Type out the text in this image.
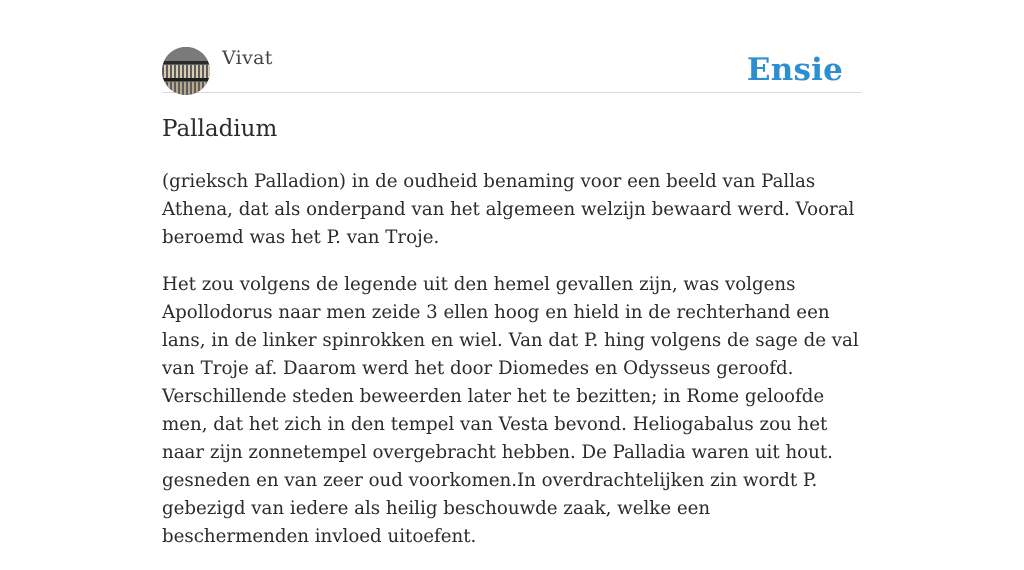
Vivat	Ensie
Palladium

(grieksch Palladion) in de oudheid benaming voor een beeld van Pallas Athena, dat als onderpand van het algemeen welzijn bewaard werd. Vooral beroemd was het P. van Troje.

Het zou volgens de legende uit den hemel gevallen zijn, was volgens Apollodorus naar men zeide 3 ellen hoog en hield in de rechterhand een lans, in de linker spinrokken en wiel. Van dat P. hing volgens de sage de val van Troje af. Daarom werd het door Diomedes en Odysseus geroofd. Verschillende steden beweerden later het te bezitten; in Rome geloofde men, dat het zich in den tempel van Vesta bevond. Heliogabalus zou het naar zijn zonnetempel overgebracht hebben. De Palladia waren uit hout. gesneden en van zeer oud voorkomen.In overdrachtelijken zin wordt P. gebezigd van iedere als heilig beschouwde zaak, welke een beschermenden invloed uitoefent.
